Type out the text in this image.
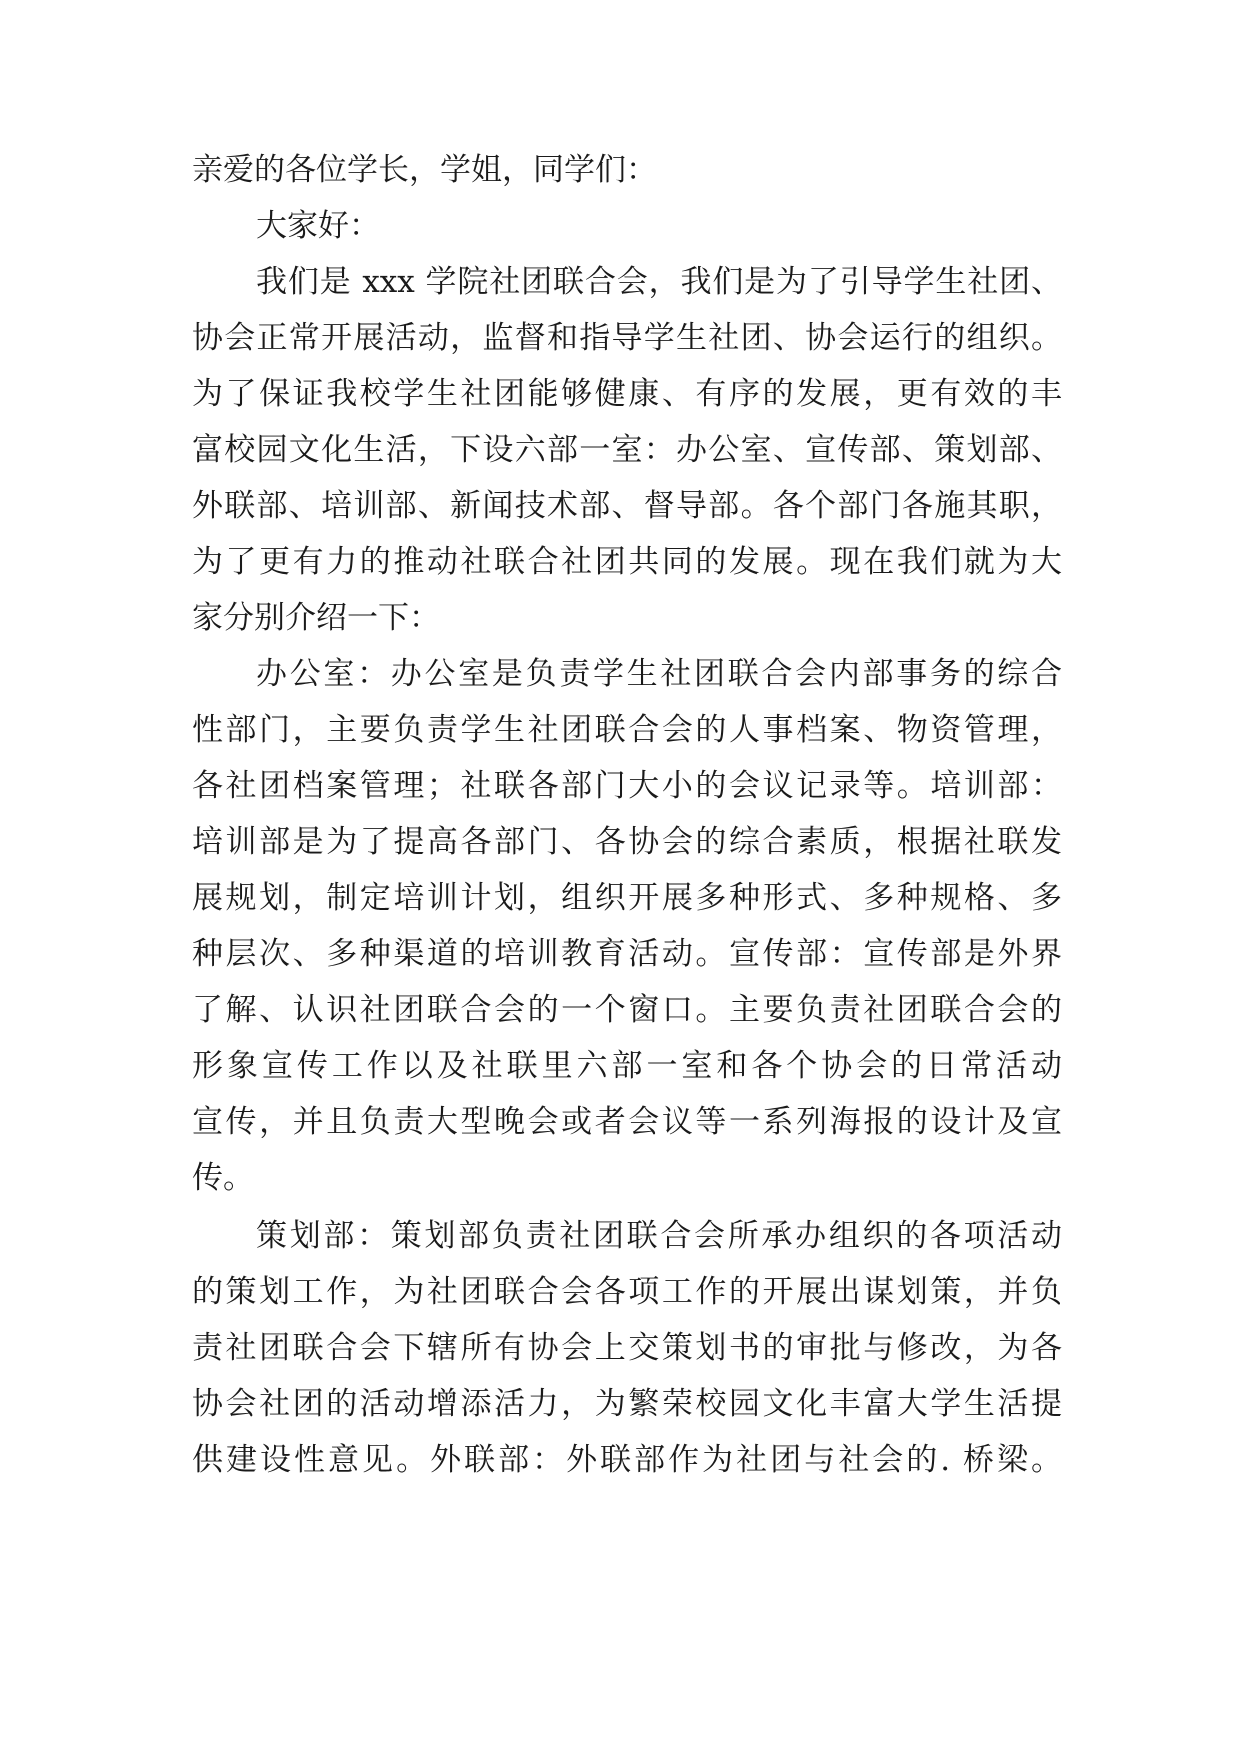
亲爱的各位学长，学姐，同学们：
大家好：
我们是 xxx 学院社团联合会，我们是为了引导学生社团、
协会正常开展活动，监督和指导学生社团、协会运行的组织。
为了保证我校学生社团能够健康、有序的发展，更有效的丰
富校园文化生活，下设六部一室：办公室、宣传部、策划部、
外联部、培训部、新闻技术部、督导部。各个部门各施其职，
为了更有力的推动社联合社团共同的发展。现在我们就为大
家分别介绍一下：
办公室：办公室是负责学生社团联合会内部事务的综合
性部门，主要负责学生社团联合会的人事档案、物资管理，
各社团档案管理；社联各部门大小的会议记录等。培训部：
培训部是为了提高各部门、各协会的综合素质，根据社联发
展规划，制定培训计划，组织开展多种形式、多种规格、多
种层次、多种渠道的培训教育活动。宣传部：宣传部是外界
了解、认识社团联合会的一个窗口。主要负责社团联合会的
形象宣传工作以及社联里六部一室和各个协会的日常活动
宣传，并且负责大型晚会或者会议等一系列海报的设计及宣
传。
策划部：策划部负责社团联合会所承办组织的各项活动
的策划工作，为社团联合会各项工作的开展出谋划策，并负
责社团联合会下辖所有协会上交策划书的审批与修改，为各
协会社团的活动增添活力，为繁荣校园文化丰富大学生活提
供建设性意见。外联部：外联部作为社团与社会的. 桥梁。
